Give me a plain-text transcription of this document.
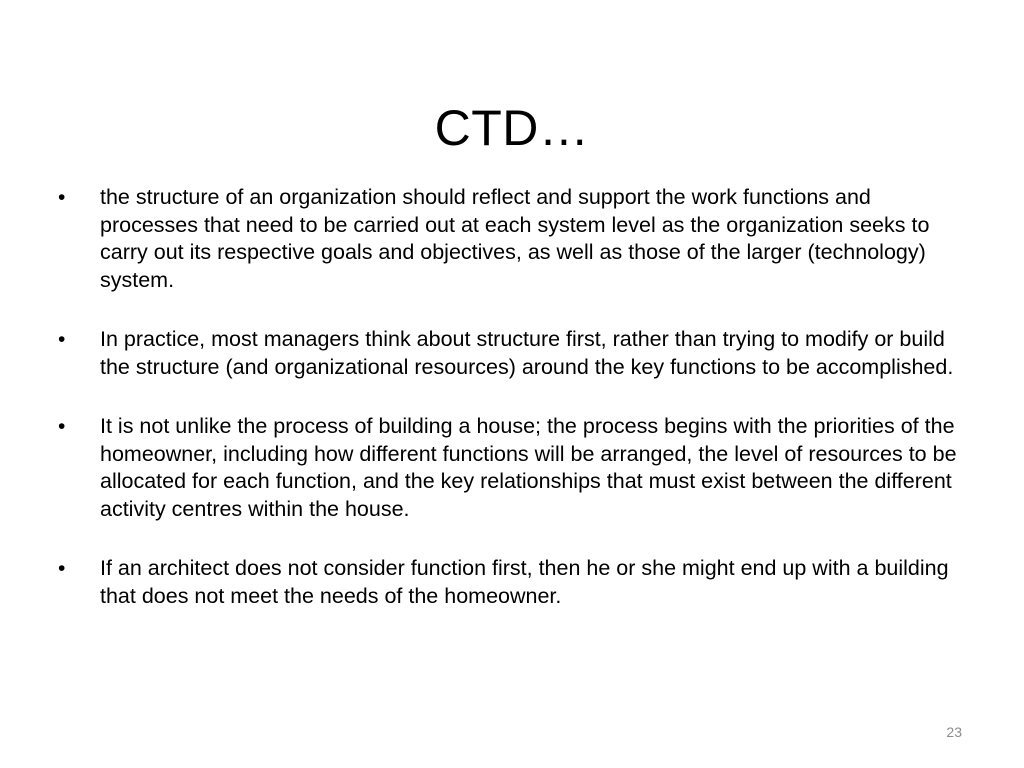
CTD…
•	the structure of an organization should reflect and support the work functions and processes that need to be carried out at each system level as the organization seeks to carry out its respective goals and objectives, as well as those of the larger (technology) system.
•	In practice, most managers think about structure first, rather than trying to modify or build the structure (and organizational resources) around the key functions to be accomplished.
•	It is not unlike the process of building a house; the process begins with the priorities of the homeowner, including how different functions will be arranged, the level of resources to be allocated for each function, and the key relationships that must exist between the different activity centres within the house.
•	If an architect does not consider function first, then he or she might end up with a building that does not meet the needs of the homeowner.
23
